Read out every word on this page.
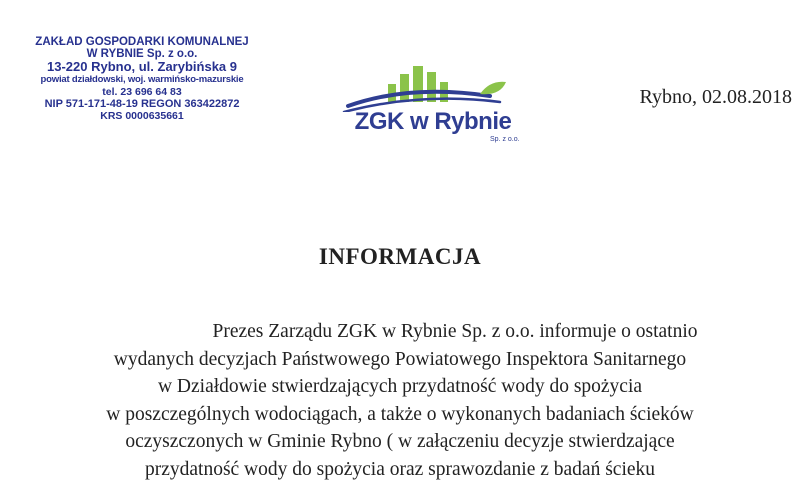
ZAKŁAD GOSPODARKI KOMUNALNEJ
W RYBNIE Sp. z o.o.
13-220 Rybno, ul. Zarybińska 9
powiat działdowski, woj. warmińsko-mazurskie
tel. 23 696 64 83
NIP 571-171-48-19 REGON 363422872
KRS 0000635661	ZGK w Rybnie
Sp. z o.o.
Rybno, 02.08.2018
INFORMACJA
Prezes Zarządu ZGK w Rybnie Sp. z o.o. informuje o ostatnio
wydanych decyzjach Państwowego Powiatowego Inspektora Sanitarnego
w Działdowie stwierdzających przydatność wody do spożycia
w poszczególnych wodociągach, a także o wykonanych badaniach ścieków
oczyszczonych w Gminie Rybno ( w załączeniu decyzje stwierdzające
przydatność wody do spożycia oraz sprawozdanie z badań ścieku
